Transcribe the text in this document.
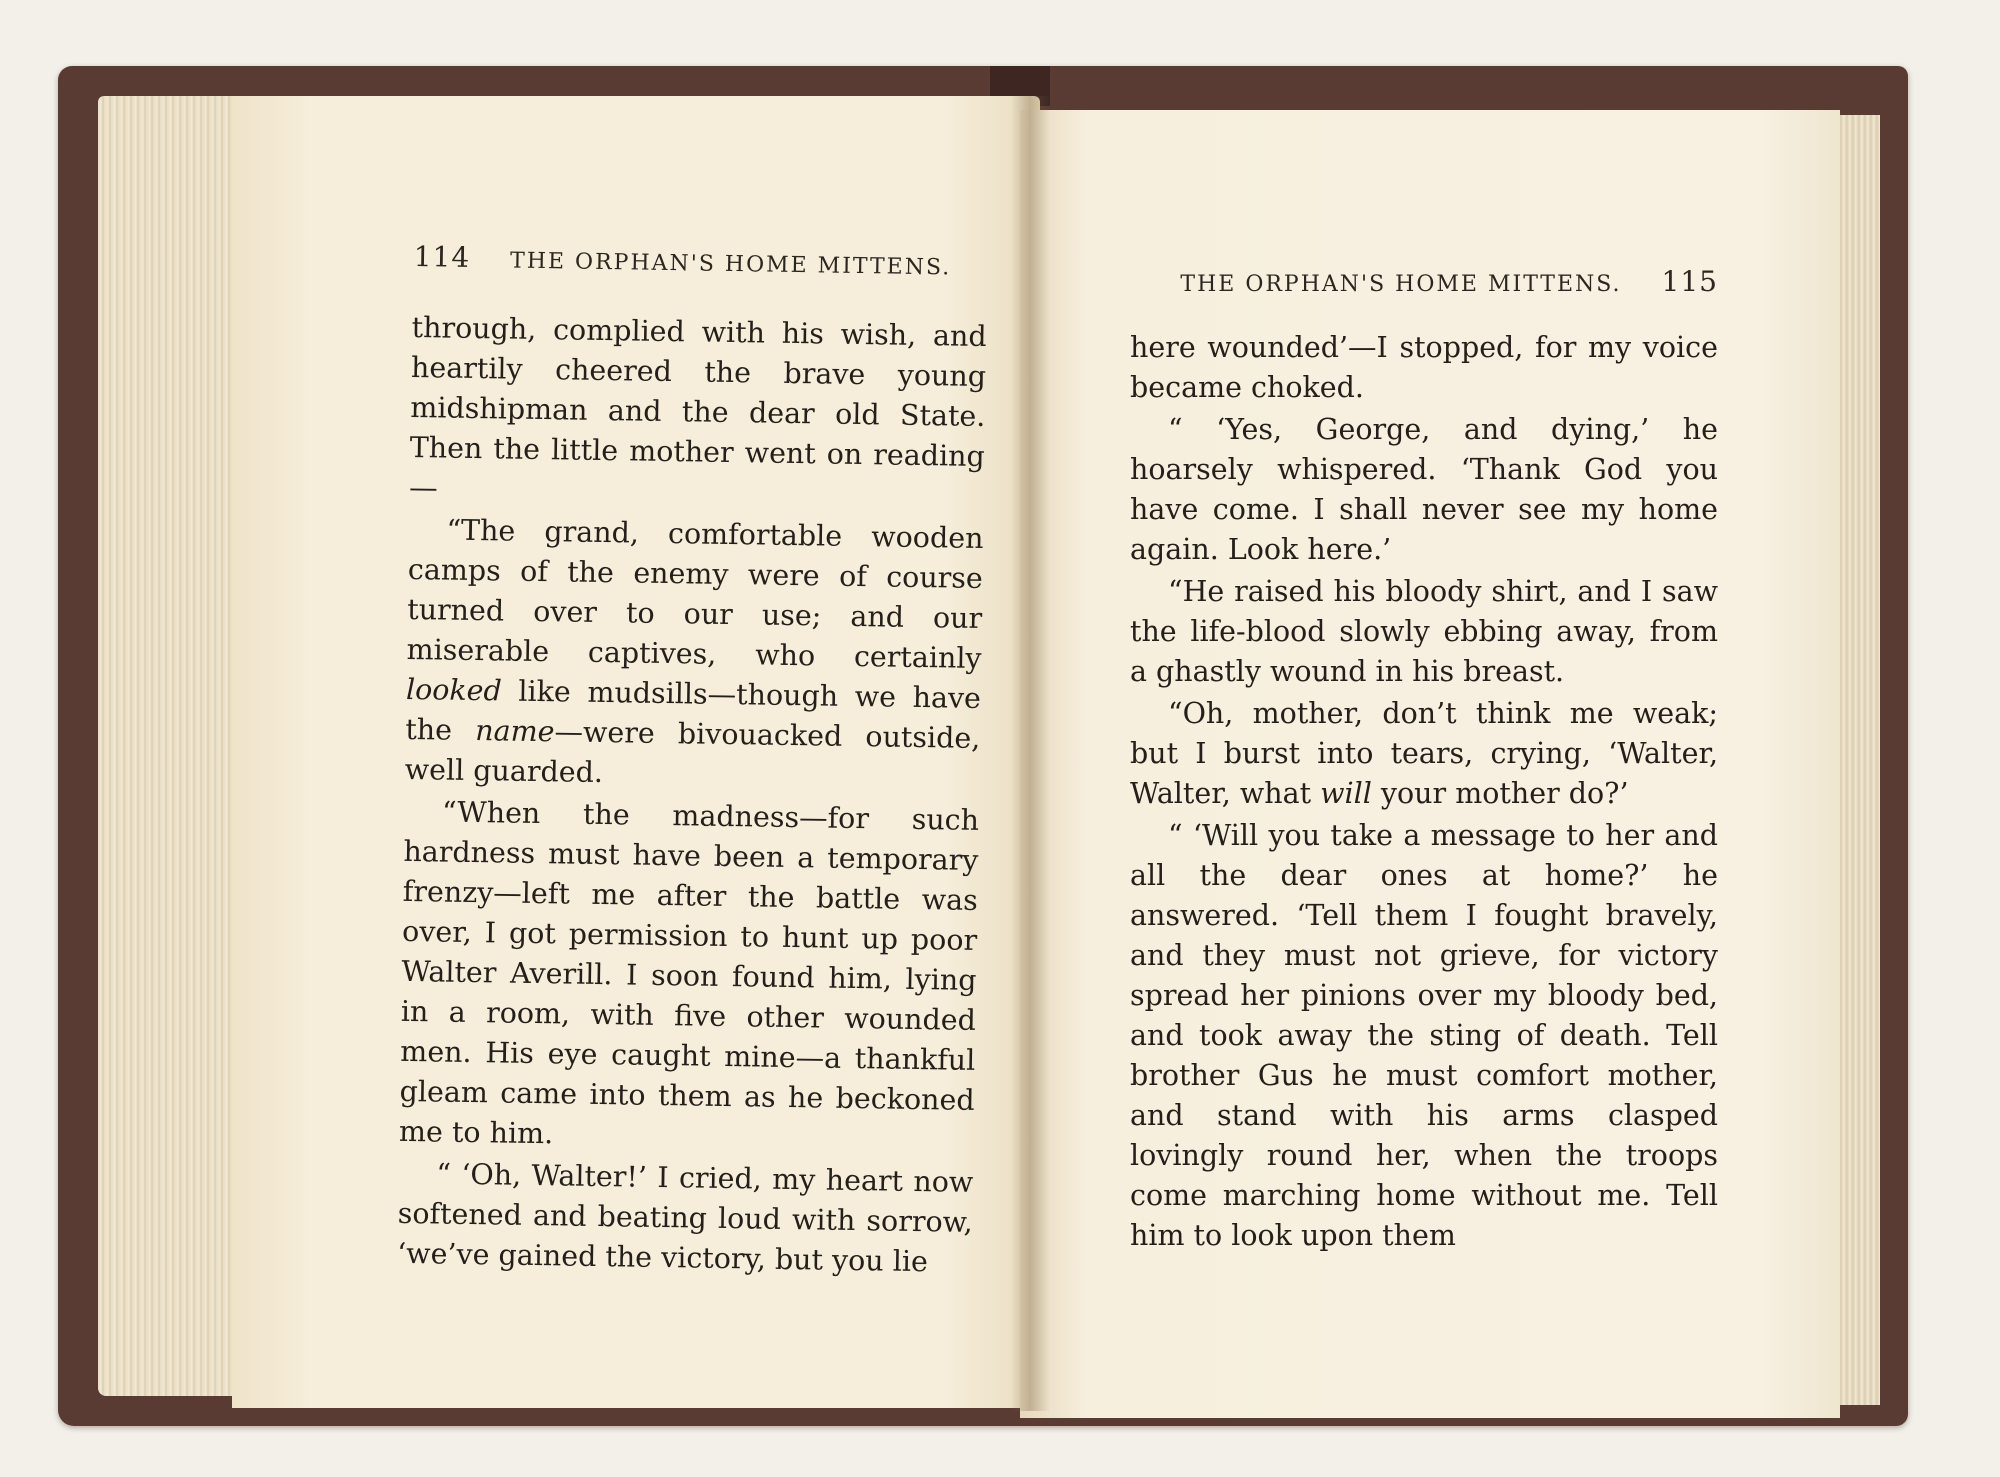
114 THE ORPHAN'S HOME MITTENS.

through, complied with his wish, and heartily cheered the brave young midshipman and the dear old State. Then the little mother went on reading—

“The grand, comfortable wooden camps of the enemy were of course turned over to our use; and our miserable captives, who certainly looked like mudsills—though we have the name—were bivouacked outside, well guarded.

“When the madness—for such hardness must have been a temporary frenzy—left me after the battle was over, I got permission to hunt up poor Walter Averill. I soon found him, lying in a room, with five other wounded men. His eye caught mine—a thankful gleam came into them as he beckoned me to him.

“ ‘Oh, Walter!’ I cried, my heart now softened and beating loud with sorrow, ‘we’ve gained the victory, but you lie

THE ORPHAN'S HOME MITTENS. 115

here wounded’—I stopped, for my voice became choked.

“ ‘Yes, George, and dying,’ he hoarsely whispered. ‘Thank God you have come. I shall never see my home again. Look here.’

“He raised his bloody shirt, and I saw the life-blood slowly ebbing away, from a ghastly wound in his breast.

“Oh, mother, don’t think me weak; but I burst into tears, crying, ‘Walter, Walter, what will your mother do?’

“ ‘Will you take a message to her and all the dear ones at home?’ he answered. ‘Tell them I fought bravely, and they must not grieve, for victory spread her pinions over my bloody bed, and took away the sting of death. Tell brother Gus he must comfort mother, and stand with his arms clasped lovingly round her, when the troops come marching home without me. Tell him to look upon them
